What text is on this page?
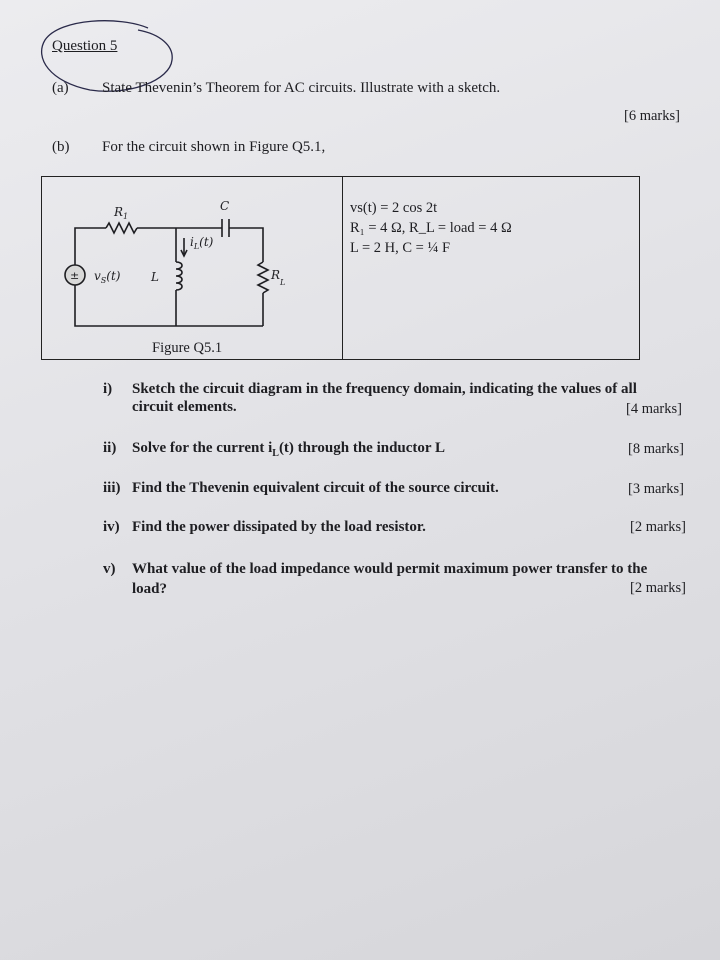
Question 5
(a) State Thevenin’s Theorem for AC circuits. Illustrate with a sketch.
[6 marks]
(b) For the circuit shown in Figure Q5.1,
±
$R_1$
C
$i_L(t)$
$v_S(t)$	L	$R_L$
Figure Q5.1
vs(t) = 2 cos 2t
R₁ = 4 Ω, R_L = load = 4 Ω
L = 2 H, C = ¼ F
i) Sketch the circuit diagram in the frequency domain, indicating the values of all
circuit elements.	[4 marks]
ii) Solve for the current $i_L(t)$ through the inductor L	[8 marks]
iii) Find the Thevenin equivalent circuit of the source circuit.	[3 marks]
iv) Find the power dissipated by the load resistor.	[2 marks]
v) What value of the load impedance would permit maximum power transfer to the
load?	[2 marks]
